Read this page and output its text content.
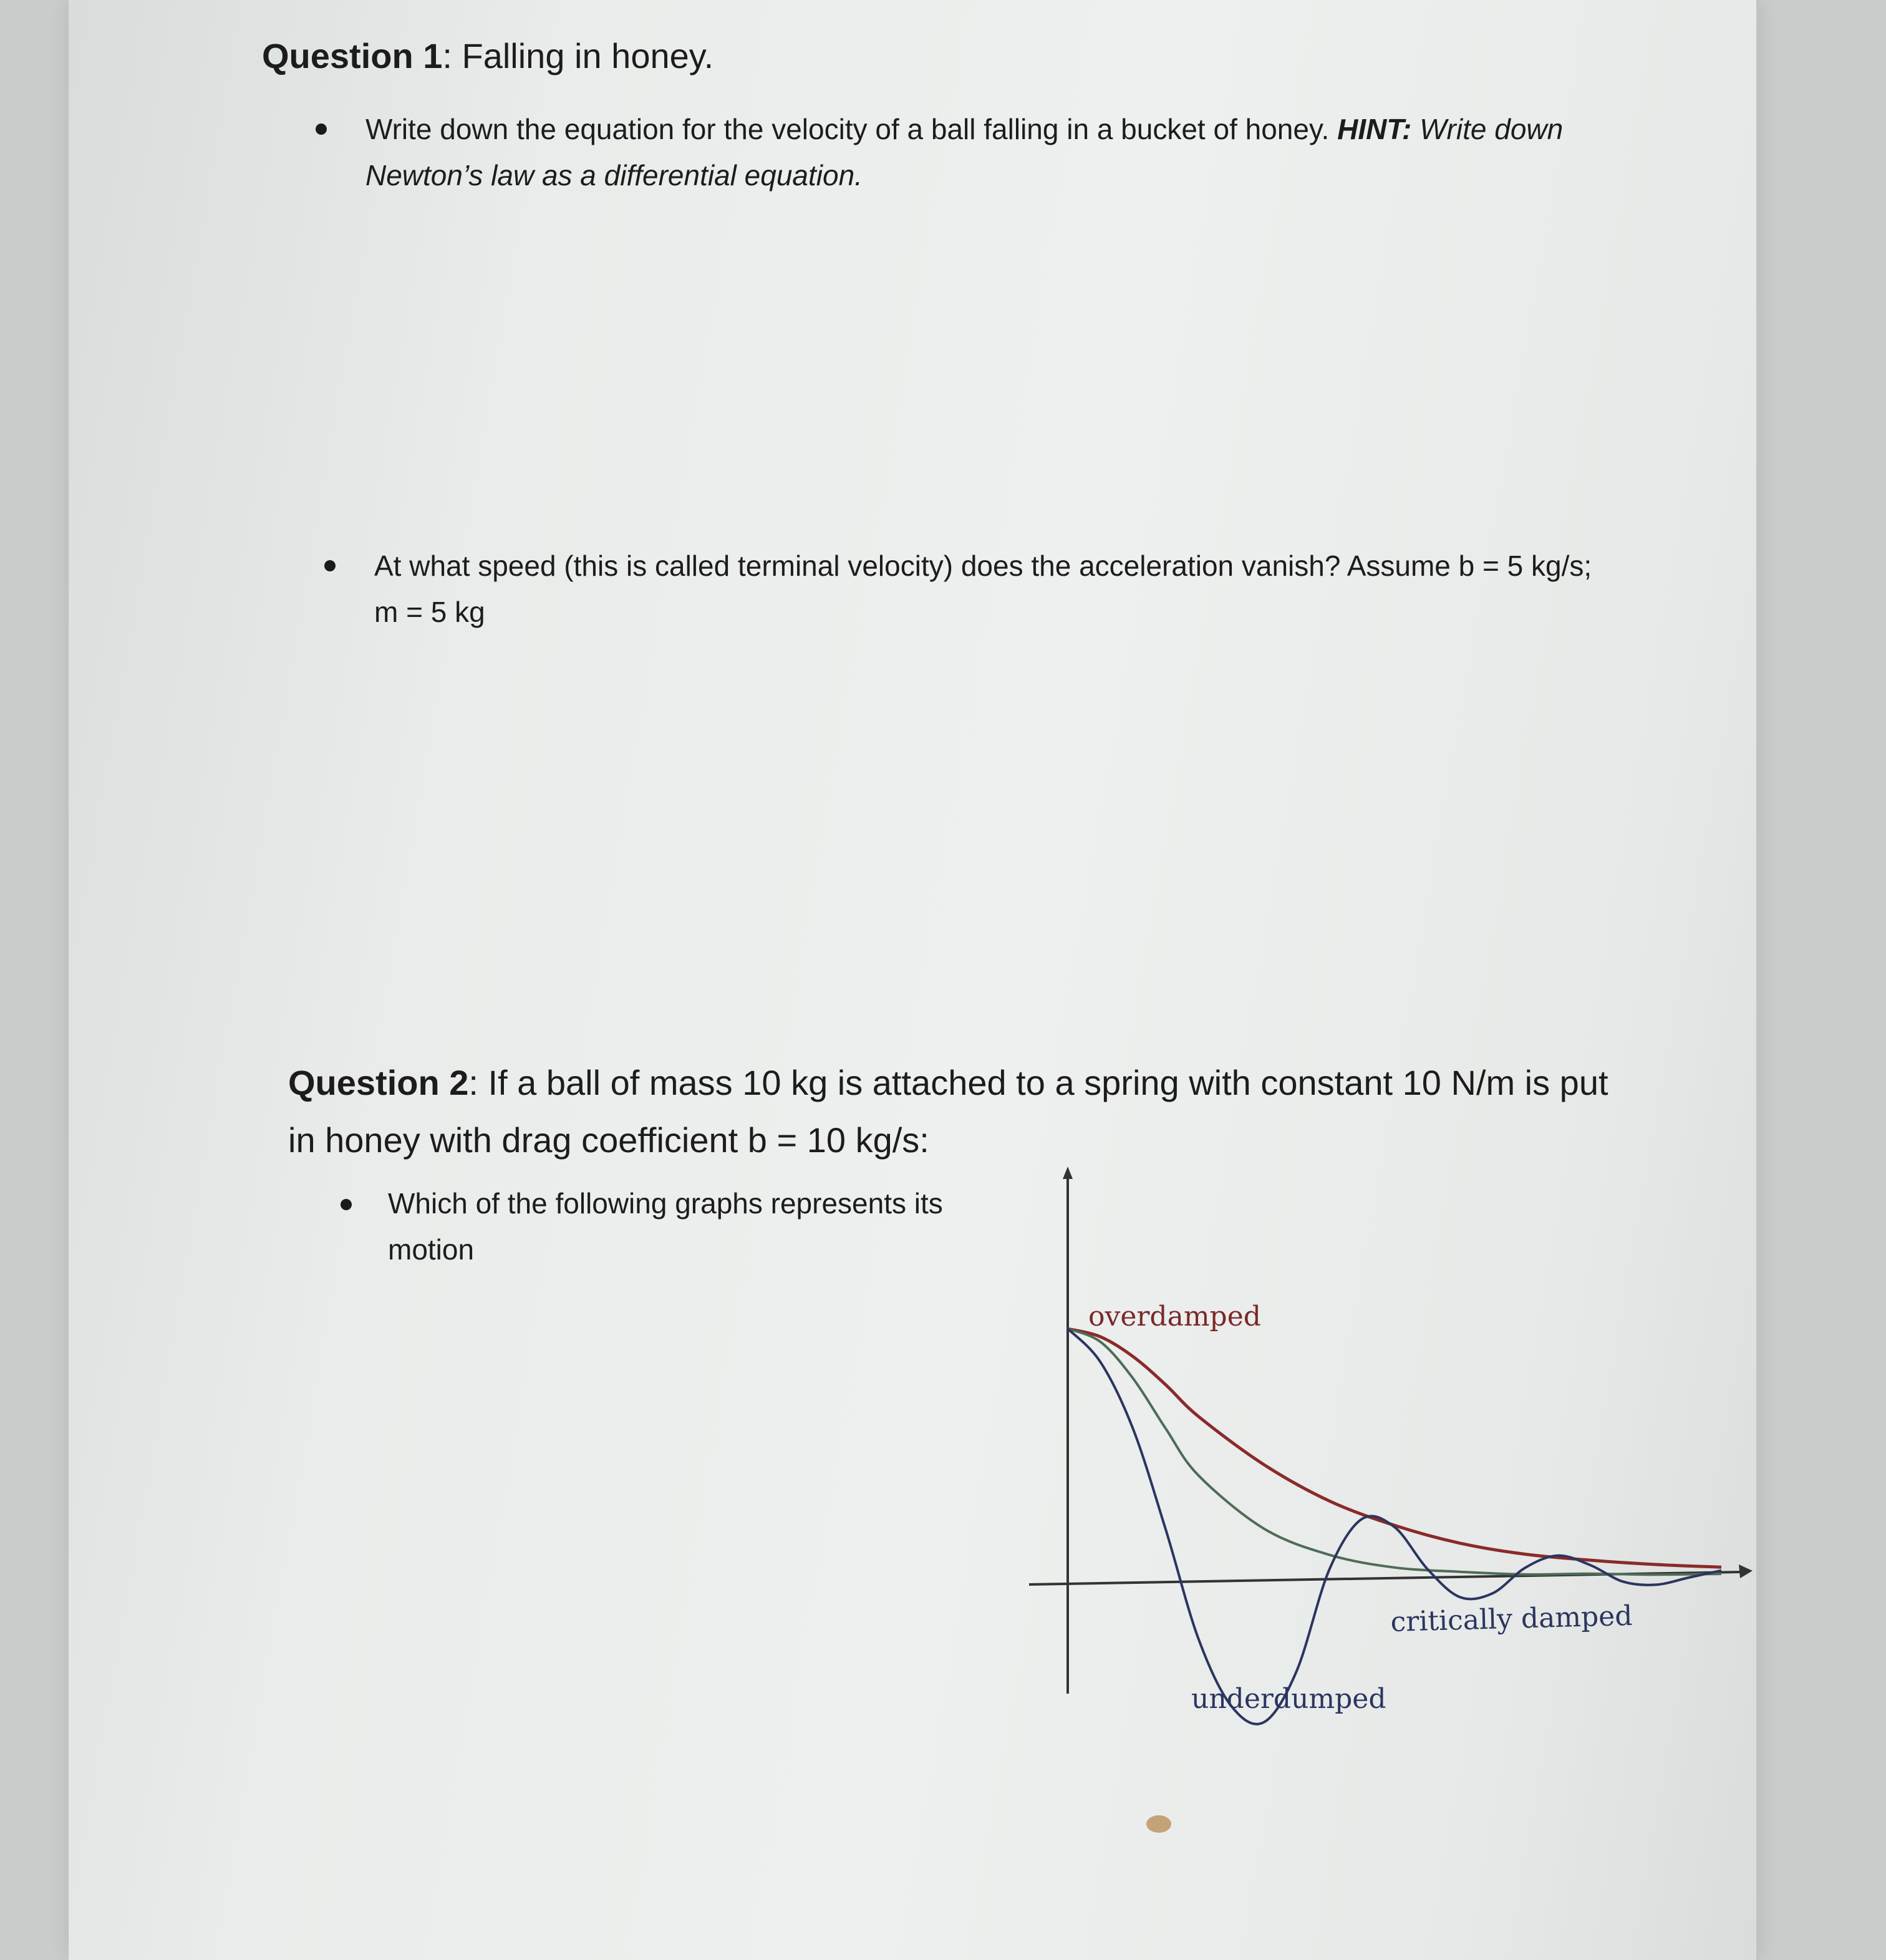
Question 1: Falling in honey.

Write down the equation for the velocity of a ball falling in a bucket of honey. HINT: Write down Newton’s law as a differential equation.

At what speed (this is called terminal velocity) does the acceleration vanish? Assume b = 5 kg/s; m = 5 kg

Question 2: If a ball of mass 10 kg is attached to a spring with constant 10 N/m is put in honey with drag coefficient b = 10 kg/s:

Which of the following graphs represents its motion

overdamped
critically damped
underdumped
